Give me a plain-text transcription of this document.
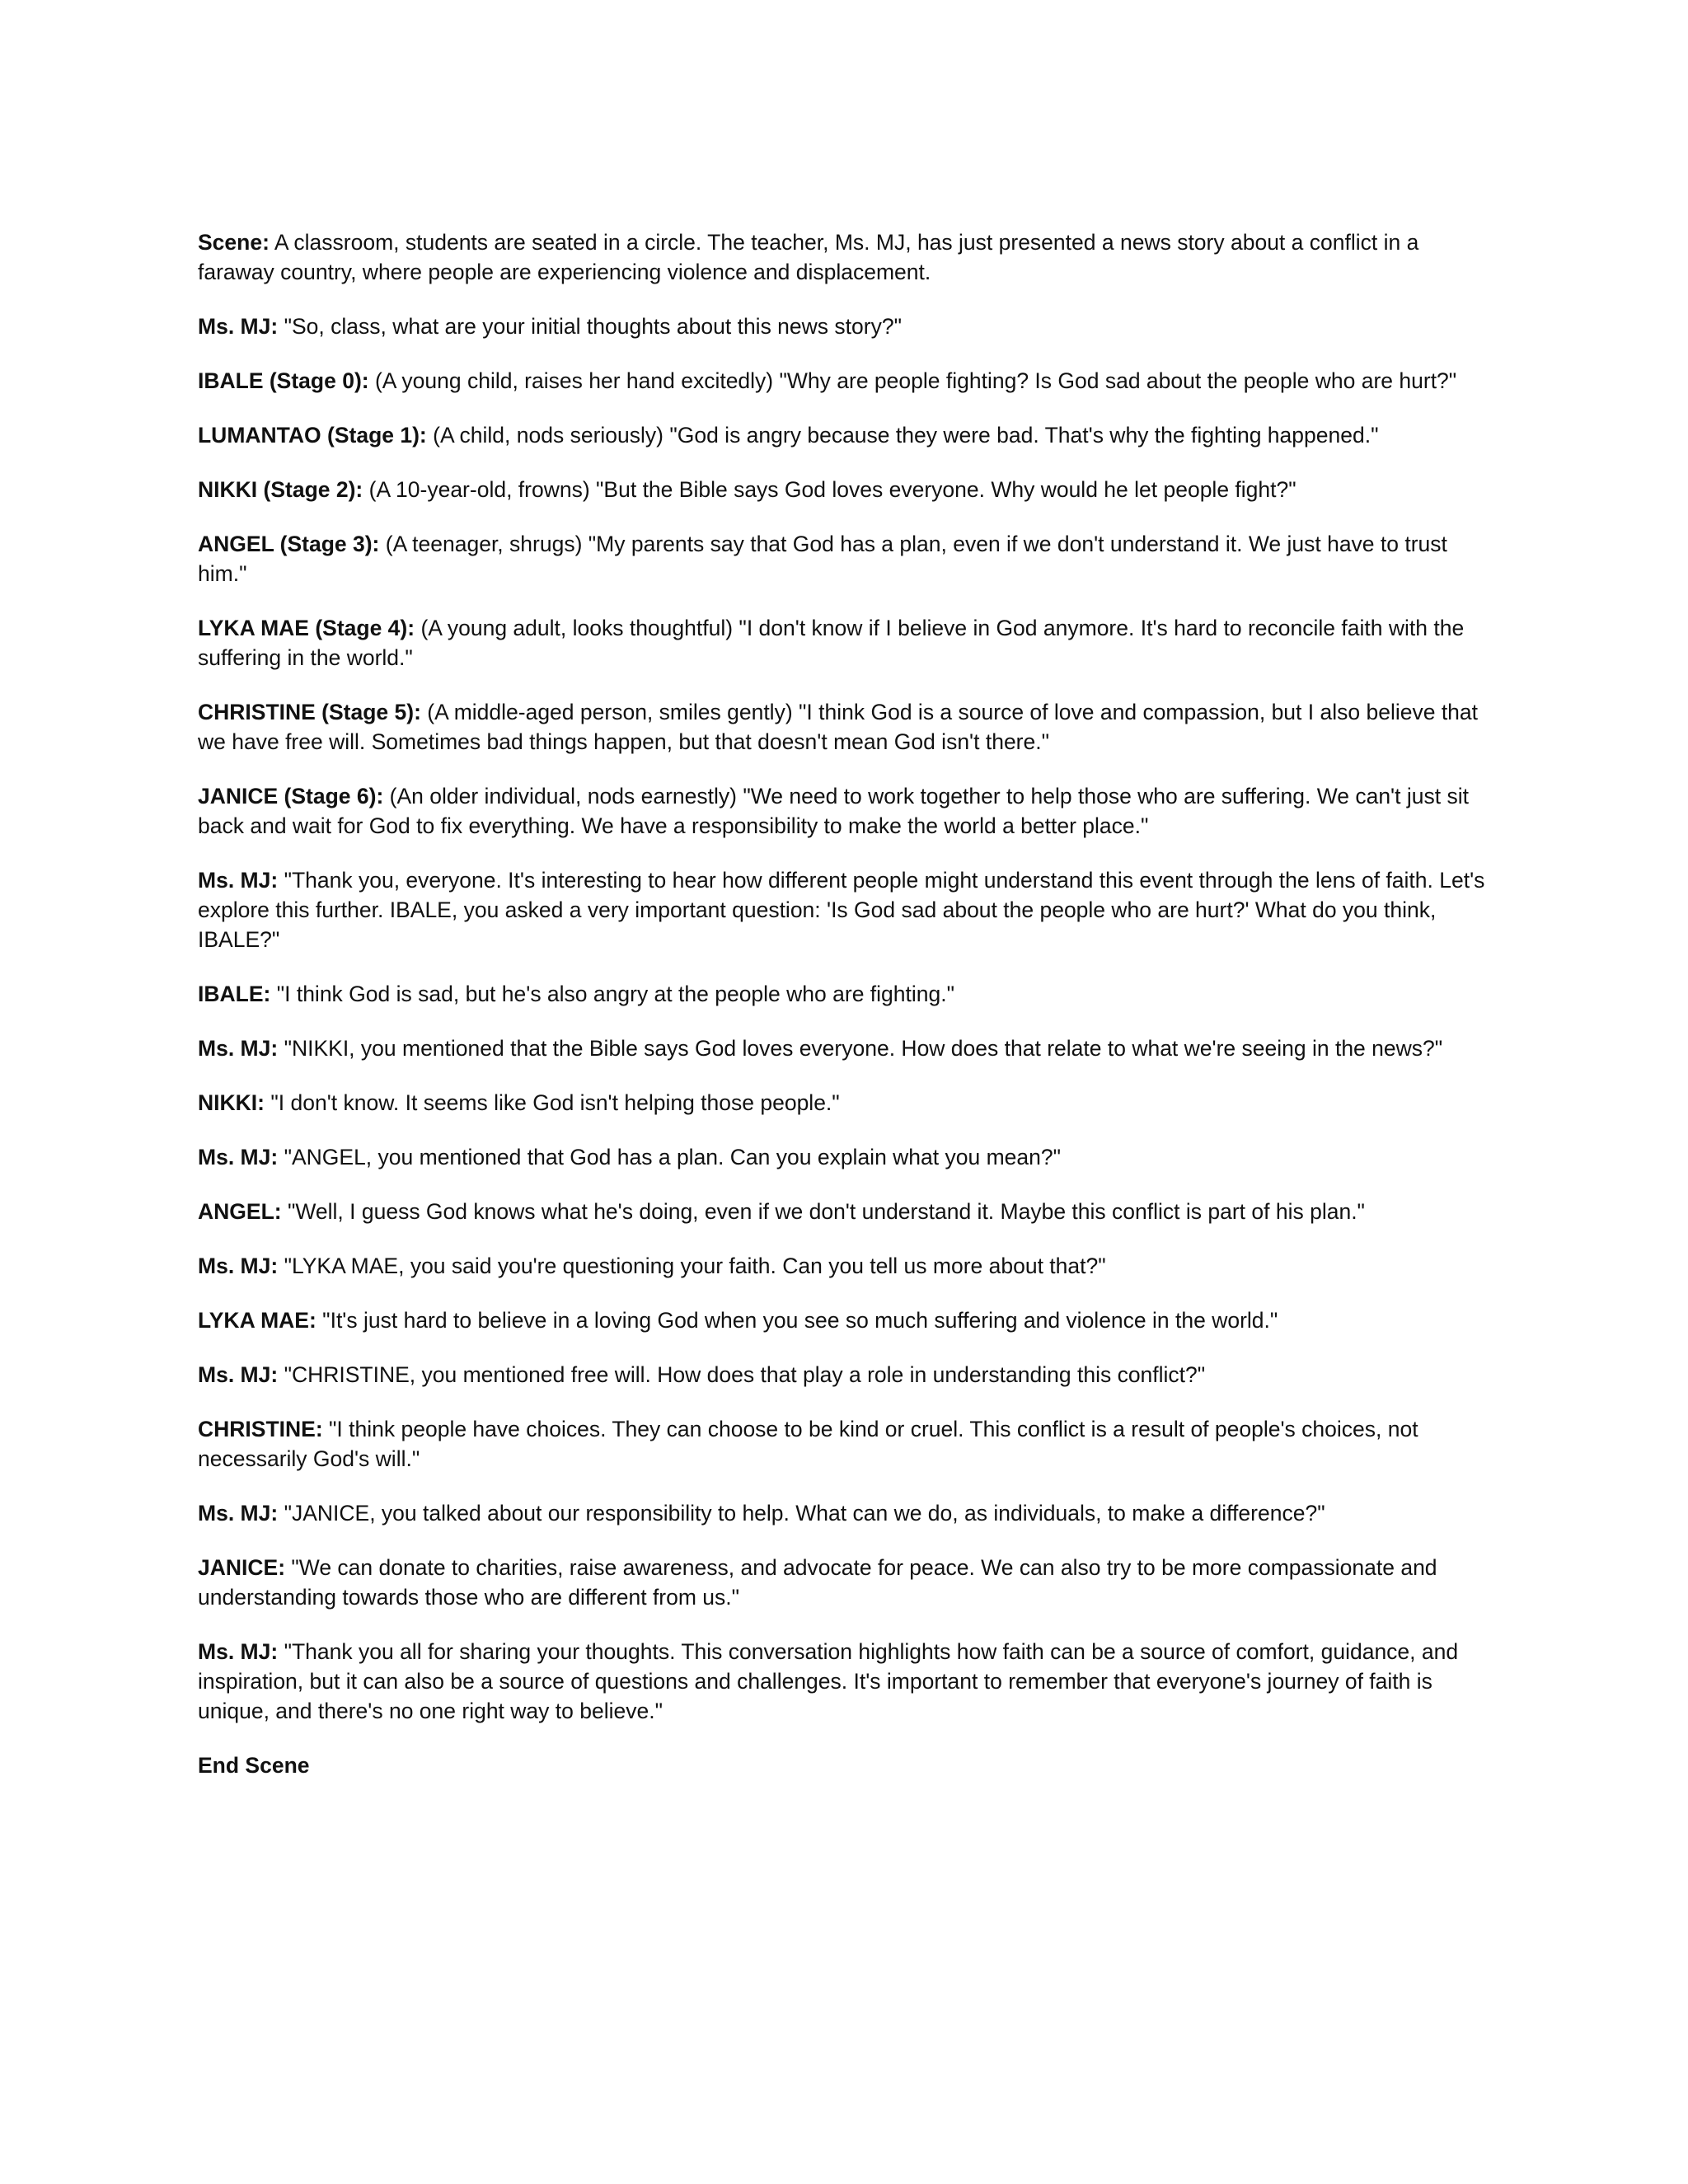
Scene: A classroom, students are seated in a circle. The teacher, Ms. MJ, has just presented a news story about a conflict in a faraway country, where people are experiencing violence and displacement.

Ms. MJ: "So, class, what are your initial thoughts about this news story?"

IBALE (Stage 0): (A young child, raises her hand excitedly) "Why are people fighting? Is God sad about the people who are hurt?"

LUMANTAO (Stage 1): (A child, nods seriously) "God is angry because they were bad. That's why the fighting happened."

NIKKI (Stage 2): (A 10-year-old, frowns) "But the Bible says God loves everyone. Why would he let people fight?"

ANGEL (Stage 3): (A teenager, shrugs) "My parents say that God has a plan, even if we don't understand it. We just have to trust him."

LYKA MAE (Stage 4): (A young adult, looks thoughtful) "I don't know if I believe in God anymore. It's hard to reconcile faith with the suffering in the world."

CHRISTINE (Stage 5): (A middle-aged person, smiles gently) "I think God is a source of love and compassion, but I also believe that we have free will. Sometimes bad things happen, but that doesn't mean God isn't there."

JANICE (Stage 6): (An older individual, nods earnestly) "We need to work together to help those who are suffering. We can't just sit back and wait for God to fix everything. We have a responsibility to make the world a better place."

Ms. MJ: "Thank you, everyone. It's interesting to hear how different people might understand this event through the lens of faith. Let's explore this further. IBALE, you asked a very important question: 'Is God sad about the people who are hurt?' What do you think, IBALE?"

IBALE: "I think God is sad, but he's also angry at the people who are fighting."

Ms. MJ: "NIKKI, you mentioned that the Bible says God loves everyone. How does that relate to what we're seeing in the news?"

NIKKI: "I don't know. It seems like God isn't helping those people."

Ms. MJ: "ANGEL, you mentioned that God has a plan. Can you explain what you mean?"

ANGEL: "Well, I guess God knows what he's doing, even if we don't understand it. Maybe this conflict is part of his plan."

Ms. MJ: "LYKA MAE, you said you're questioning your faith. Can you tell us more about that?"

LYKA MAE: "It's just hard to believe in a loving God when you see so much suffering and violence in the world."

Ms. MJ: "CHRISTINE, you mentioned free will. How does that play a role in understanding this conflict?"

CHRISTINE: "I think people have choices. They can choose to be kind or cruel. This conflict is a result of people's choices, not necessarily God's will."

Ms. MJ: "JANICE, you talked about our responsibility to help. What can we do, as individuals, to make a difference?"

JANICE: "We can donate to charities, raise awareness, and advocate for peace. We can also try to be more compassionate and understanding towards those who are different from us."

Ms. MJ: "Thank you all for sharing your thoughts. This conversation highlights how faith can be a source of comfort, guidance, and inspiration, but it can also be a source of questions and challenges. It's important to remember that everyone's journey of faith is unique, and there's no one right way to believe."

End Scene
